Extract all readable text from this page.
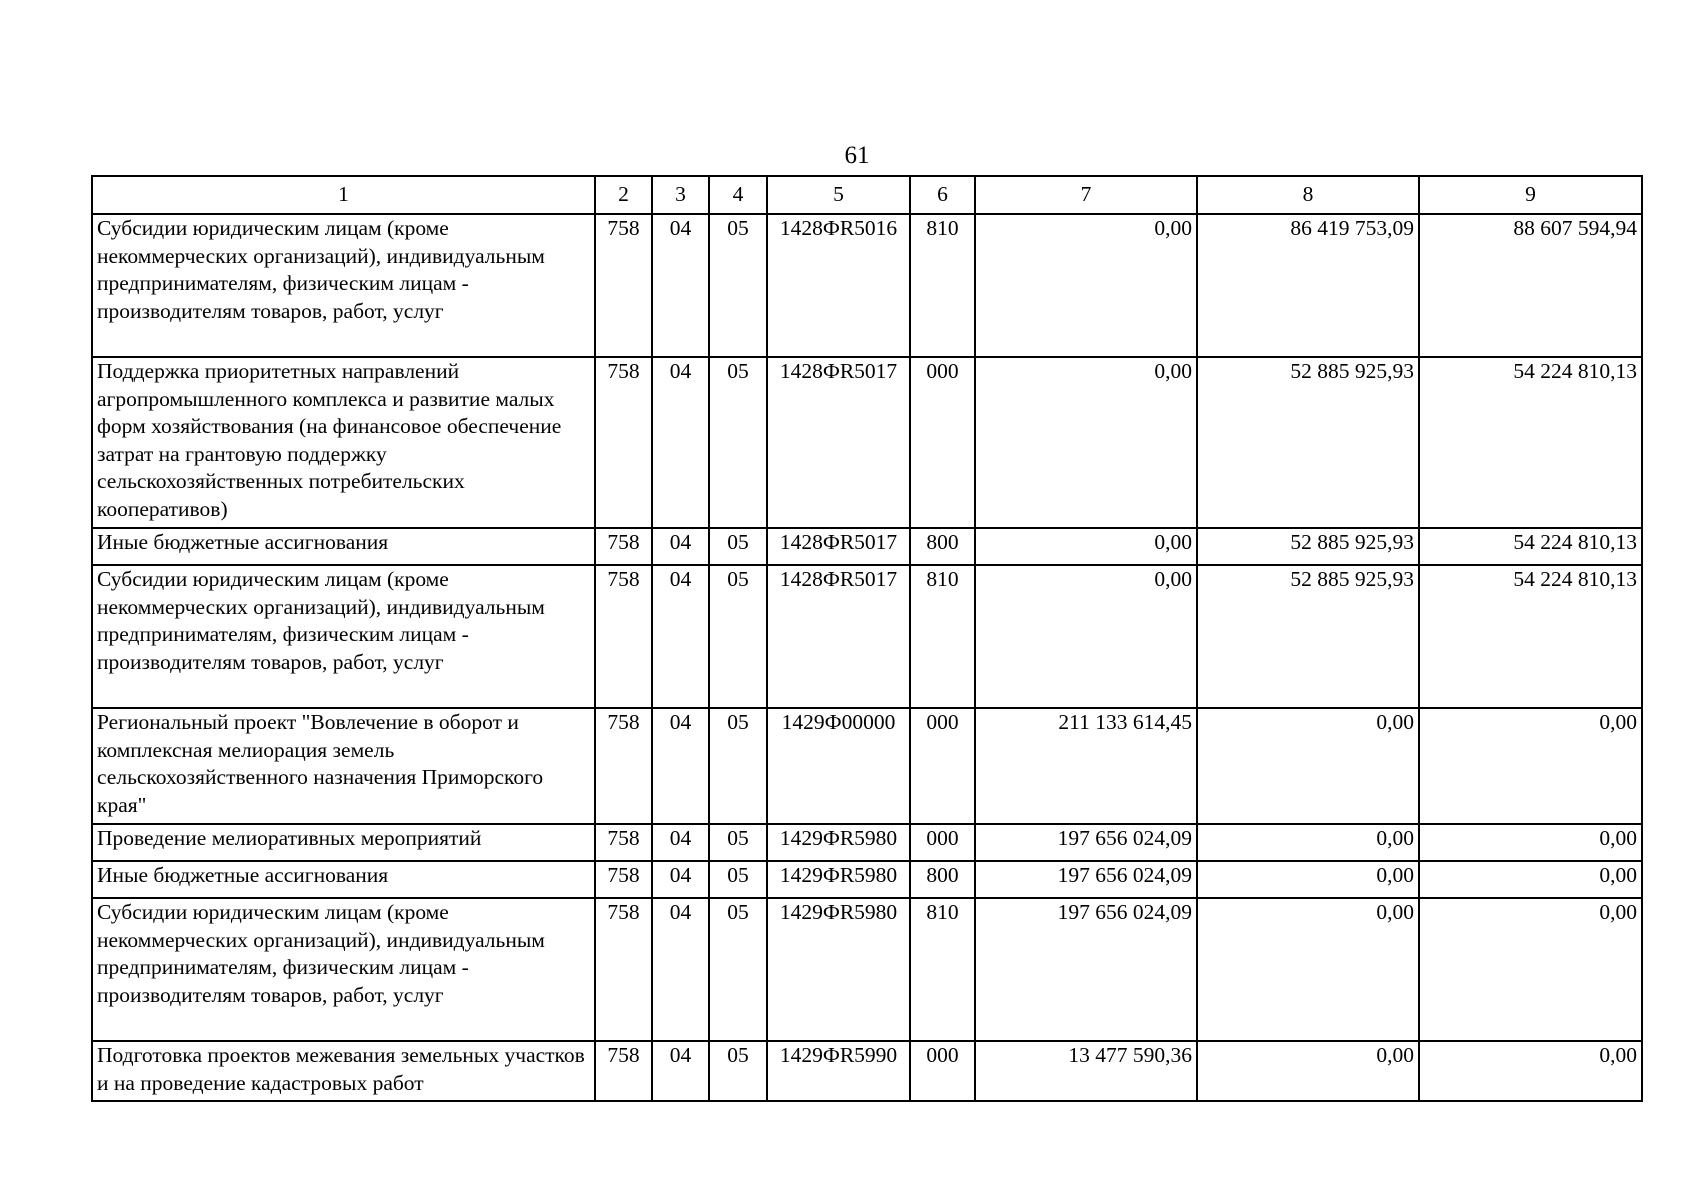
61
1	2	3	4	5	6	7	8	9
Субсидии юридическим лицам (кроме некоммерческих организаций), индивидуальным предпринимателям, физическим лицам - производителям товаров, работ, услуг	758	04	05	1428ФR5016	810	0,00	86 419 753,09	88 607 594,94
Поддержка приоритетных направлений агропромышленного комплекса и развитие малых форм хозяйствования (на финансовое обеспечение затрат на грантовую поддержку сельскохозяйственных потребительских кооперативов)	758	04	05	1428ФR5017	000	0,00	52 885 925,93	54 224 810,13
Иные бюджетные ассигнования	758	04	05	1428ФR5017	800	0,00	52 885 925,93	54 224 810,13
Субсидии юридическим лицам (кроме некоммерческих организаций), индивидуальным предпринимателям, физическим лицам - производителям товаров, работ, услуг	758	04	05	1428ФR5017	810	0,00	52 885 925,93	54 224 810,13
Региональный проект "Вовлечение в оборот и комплексная мелиорация земель сельскохозяйственного назначения Приморского края"	758	04	05	1429Ф00000	000	211 133 614,45	0,00	0,00
Проведение мелиоративных мероприятий	758	04	05	1429ФR5980	000	197 656 024,09	0,00	0,00
Иные бюджетные ассигнования	758	04	05	1429ФR5980	800	197 656 024,09	0,00	0,00
Субсидии юридическим лицам (кроме некоммерческих организаций), индивидуальным предпринимателям, физическим лицам - производителям товаров, работ, услуг	758	04	05	1429ФR5980	810	197 656 024,09	0,00	0,00
Подготовка проектов межевания земельных участков и на проведение кадастровых работ	758	04	05	1429ФR5990	000	13 477 590,36	0,00	0,00
